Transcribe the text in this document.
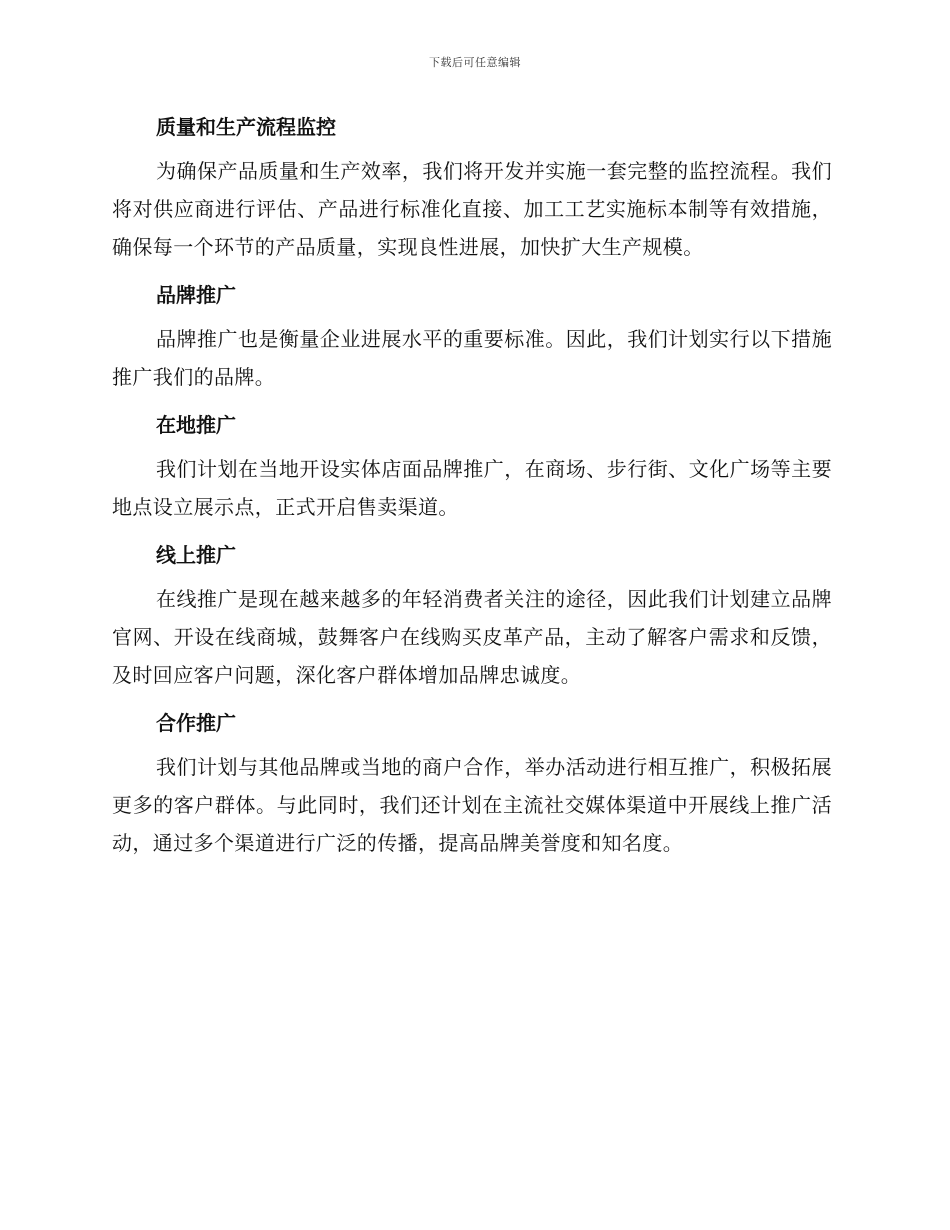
下载后可任意编辑
质量和生产流程监控

为确保产品质量和生产效率，我们将开发并实施一套完整的监控流程。我们将对供应商进行评估、产品进行标准化直接、加工工艺实施标本制等有效措施，确保每一个环节的产品质量，实现良性进展，加快扩大生产规模。

品牌推广

品牌推广也是衡量企业进展水平的重要标准。因此，我们计划实行以下措施推广我们的品牌。

在地推广

我们计划在当地开设实体店面品牌推广，在商场、步行街、文化广场等主要地点设立展示点，正式开启售卖渠道。

线上推广

在线推广是现在越来越多的年轻消费者关注的途径，因此我们计划建立品牌官网、开设在线商城，鼓舞客户在线购买皮革产品，主动了解客户需求和反馈，及时回应客户问题，深化客户群体增加品牌忠诚度。

合作推广

我们计划与其他品牌或当地的商户合作，举办活动进行相互推广，积极拓展更多的客户群体。与此同时，我们还计划在主流社交媒体渠道中开展线上推广活动，通过多个渠道进行广泛的传播，提高品牌美誉度和知名度。
